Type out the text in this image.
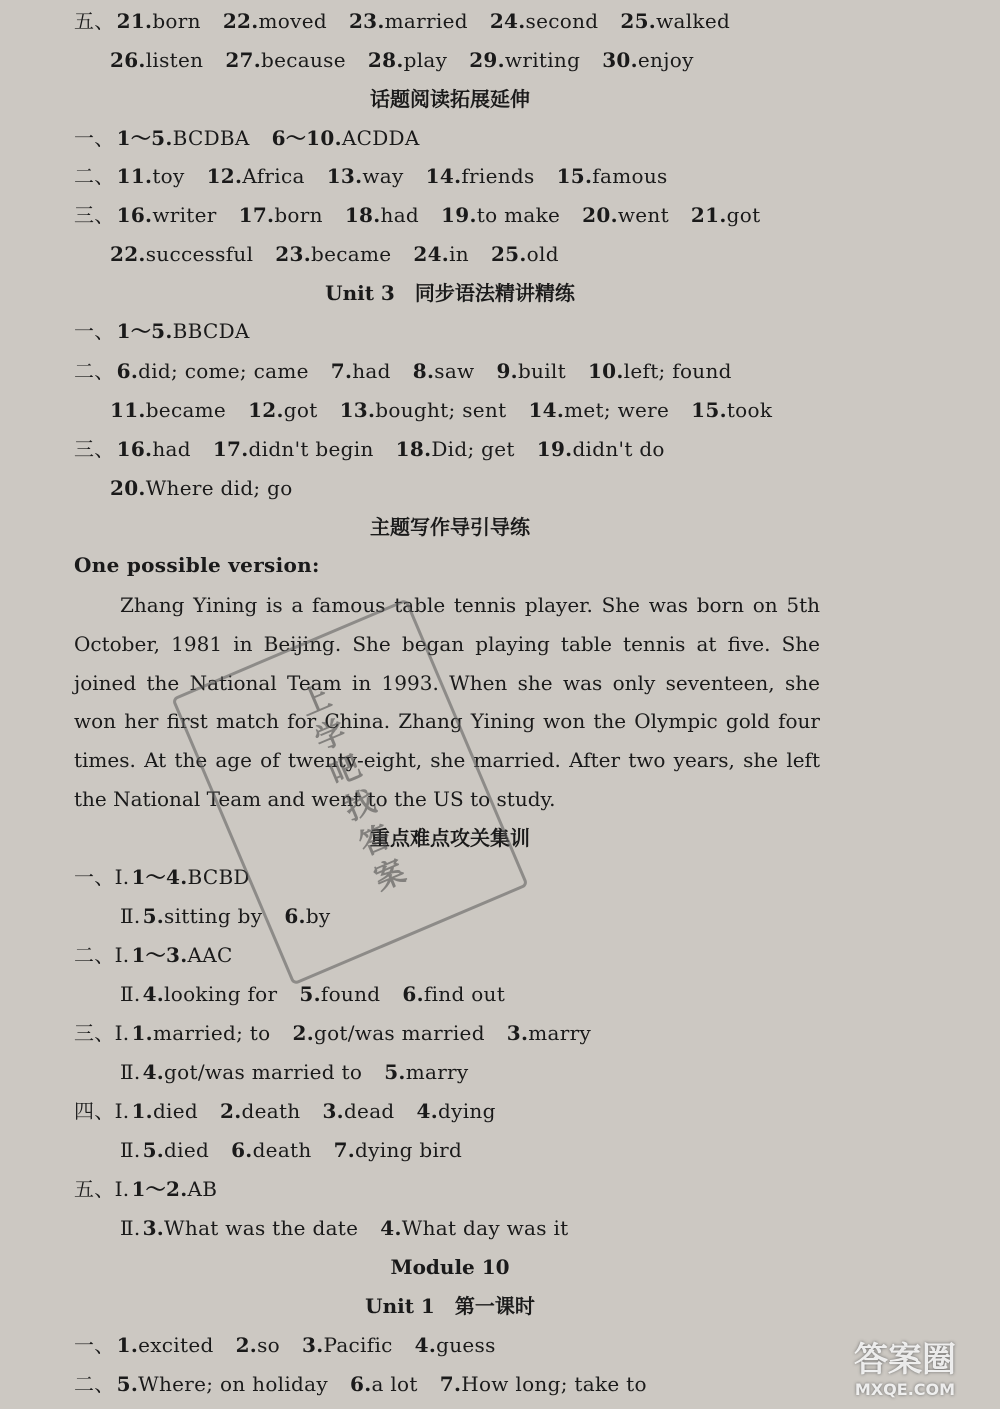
五、 21.born 22.moved 23.married 24.second 25.walked
26.listen 27.because 28.play 29.writing 30.enjoy
话题阅读拓展延伸
一、 1～5.BCDBA 6～10.ACDDA
二、 11.toy 12.Africa 13.way 14.friends 15.famous
三、 16.writer 17.born 18.had 19.to make 20.went 21.got
22.successful 23.became 24.in 25.old
Unit 3　同步语法精讲精练
一、 1～5.BBCDA
二、 6.did; come; came 7.had 8.saw 9.built 10.left; found
11.became 12.got 13.bought; sent 14.met; were 15.took
三、 16.had 17.didn't begin 18.Did; get 19.didn't do
20.Where did; go
主题写作导引导练
One possible version:
Zhang Yining is a famous table tennis player. She was born on 5th October, 1981 in Beijing. She began playing table tennis at five. She joined the National Team in 1993. When she was only seventeen, she won her first match for China. Zhang Yining won the Olympic gold four times. At the age of twenty-eight, she married. After two years, she left the National Team and went to the US to study.
重点难点攻关集训
一、Ⅰ. 1～4.BCBD
Ⅱ. 5.sitting by 6.by
二、Ⅰ. 1～3.AAC
Ⅱ. 4.looking for 5.found 6.find out
三、Ⅰ. 1.married; to 2.got/was married 3.marry
Ⅱ. 4.got/was married to 5.marry
四、Ⅰ. 1.died 2.death 3.dead 4.dying
Ⅱ. 5.died 6.death 7.dying bird
五、Ⅰ. 1～2.AB
Ⅱ. 3.What was the date 4.What day was it
Module 10
Unit 1　第一课时
一、 1.excited 2.so 3.Pacific 4.guess
二、 5.Where; on holiday 6.a lot 7.How long; take to
上学吧找答案
答案圈
MXQE.COM
